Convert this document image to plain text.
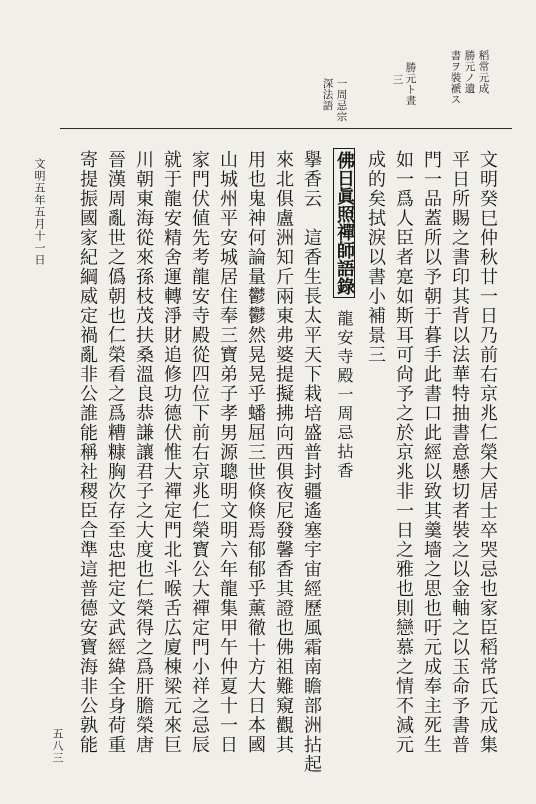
稻常元成
勝元ノ遺
書ヲ裝褫ス
勝元ト晝
三
一周忌宗
深法語
文明癸巳仲秋廿一日乃前右京兆仁榮大居士卒哭忌也家臣稻常氏元成集
平日所賜之書印其背以法華特抽書意懸切者裝之以金軸之以玉命予書普
門一品蓋所以予朝于暮手此書口此經以致其羹墻之思也吁元成奉主死生
如一爲人臣者寔如斯耳可尙予之於京兆非一日之雅也則戀慕之情不減元
成的矣拭淚以書小補景三
佛日眞照禪師語錄龍安寺殿一周忌拈香
擧香云　這香生長太平天下栽培盛普封疆遙塞宇宙經歷風霜南瞻部洲拈起
來北俱盧洲知斤兩東弗婆提擬拂向西俱夜尼發馨香其證也佛祖難窺觀其
用也鬼神何論量鬱鬱然晃晃乎蟠屈三世倏倏焉郁郁乎薰徹十方大日本國
山城州平安城居住奉三寶弟子孝男源聰明文明六年龍集甲午仲夏十一日
家門伏値先考龍安寺殿從四位下前右京兆仁榮寳公大禪定門小祥之忌辰
就于龍安精舍運轉淨財追修功德伏惟大禪定門北斗喉舌広廈棟梁元來巨
川朝東海從來孫枝茂扶桑溫良恭謙讓君子之大度也仁榮得之爲肝膽榮唐
晉漢周亂世之僞朝也仁榮看之爲糟糠胸次存至忠把定文武經緯全身荷重
寄提振國家紀綱威定禍亂非公誰能稱社稷臣合準這普德安寳海非公孰能
文明五年五月十一日
五八三
